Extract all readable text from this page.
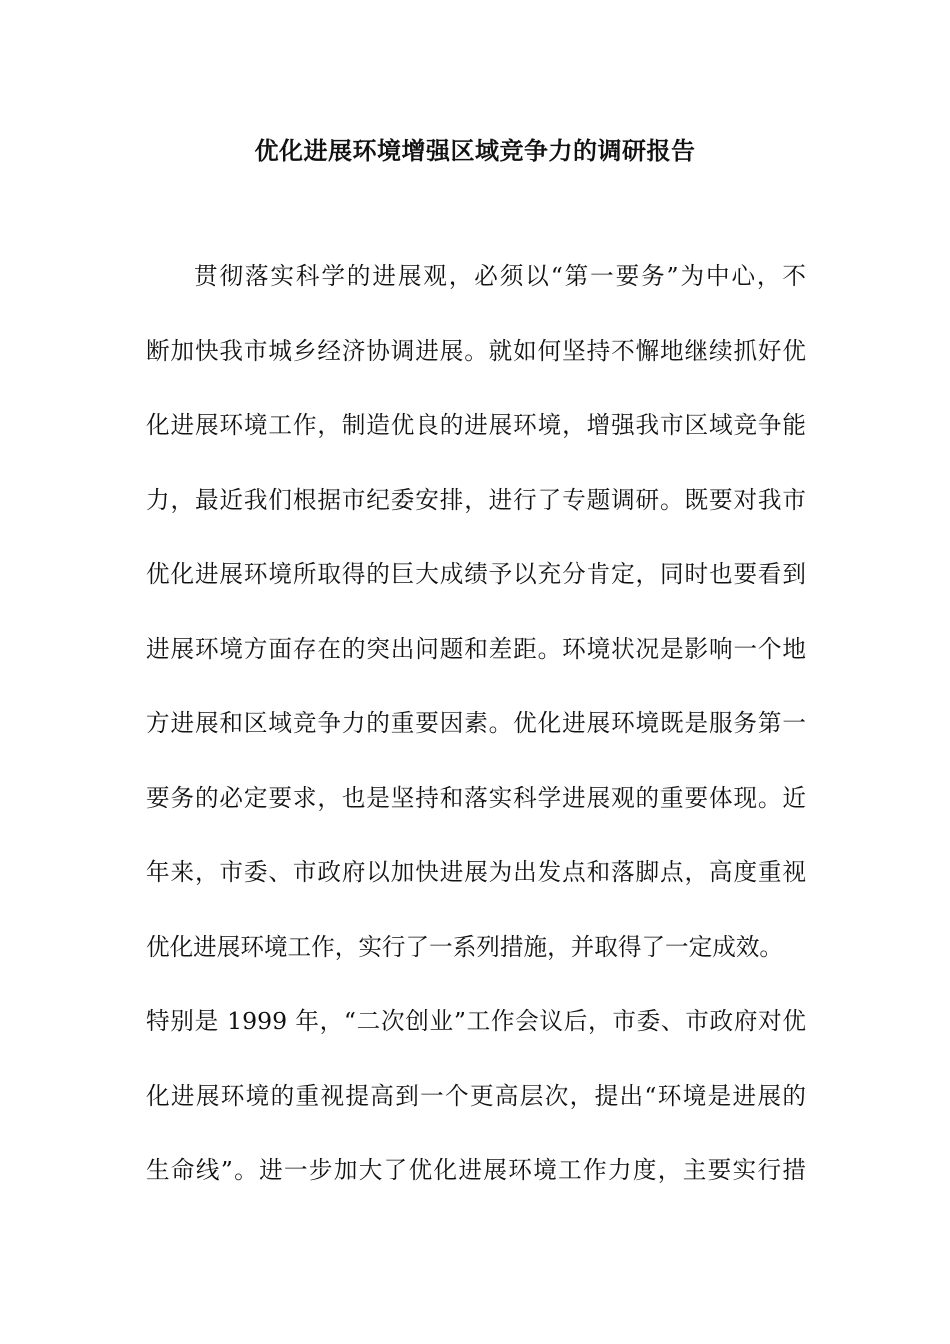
优化进展环境增强区域竞争力的调研报告
贯彻落实科学的进展观，必须以“第一要务”为中心，不
断加快我市城乡经济协调进展。就如何坚持不懈地继续抓好优
化进展环境工作，制造优良的进展环境，增强我市区域竞争能
力，最近我们根据市纪委安排，进行了专题调研。既要对我市
优化进展环境所取得的巨大成绩予以充分肯定，同时也要看到
进展环境方面存在的突出问题和差距。环境状况是影响一个地
方进展和区域竞争力的重要因素。优化进展环境既是服务第一
要务的必定要求，也是坚持和落实科学进展观的重要体现。近
年来，市委、市政府以加快进展为出发点和落脚点，高度重视
优化进展环境工作，实行了一系列措施，并取得了一定成效。
特别是 1999 年，“二次创业”工作会议后，市委、市政府对优
化进展环境的重视提高到一个更高层次，提出“环境是进展的
生命线”。进一步加大了优化进展环境工作力度，主要实行措
